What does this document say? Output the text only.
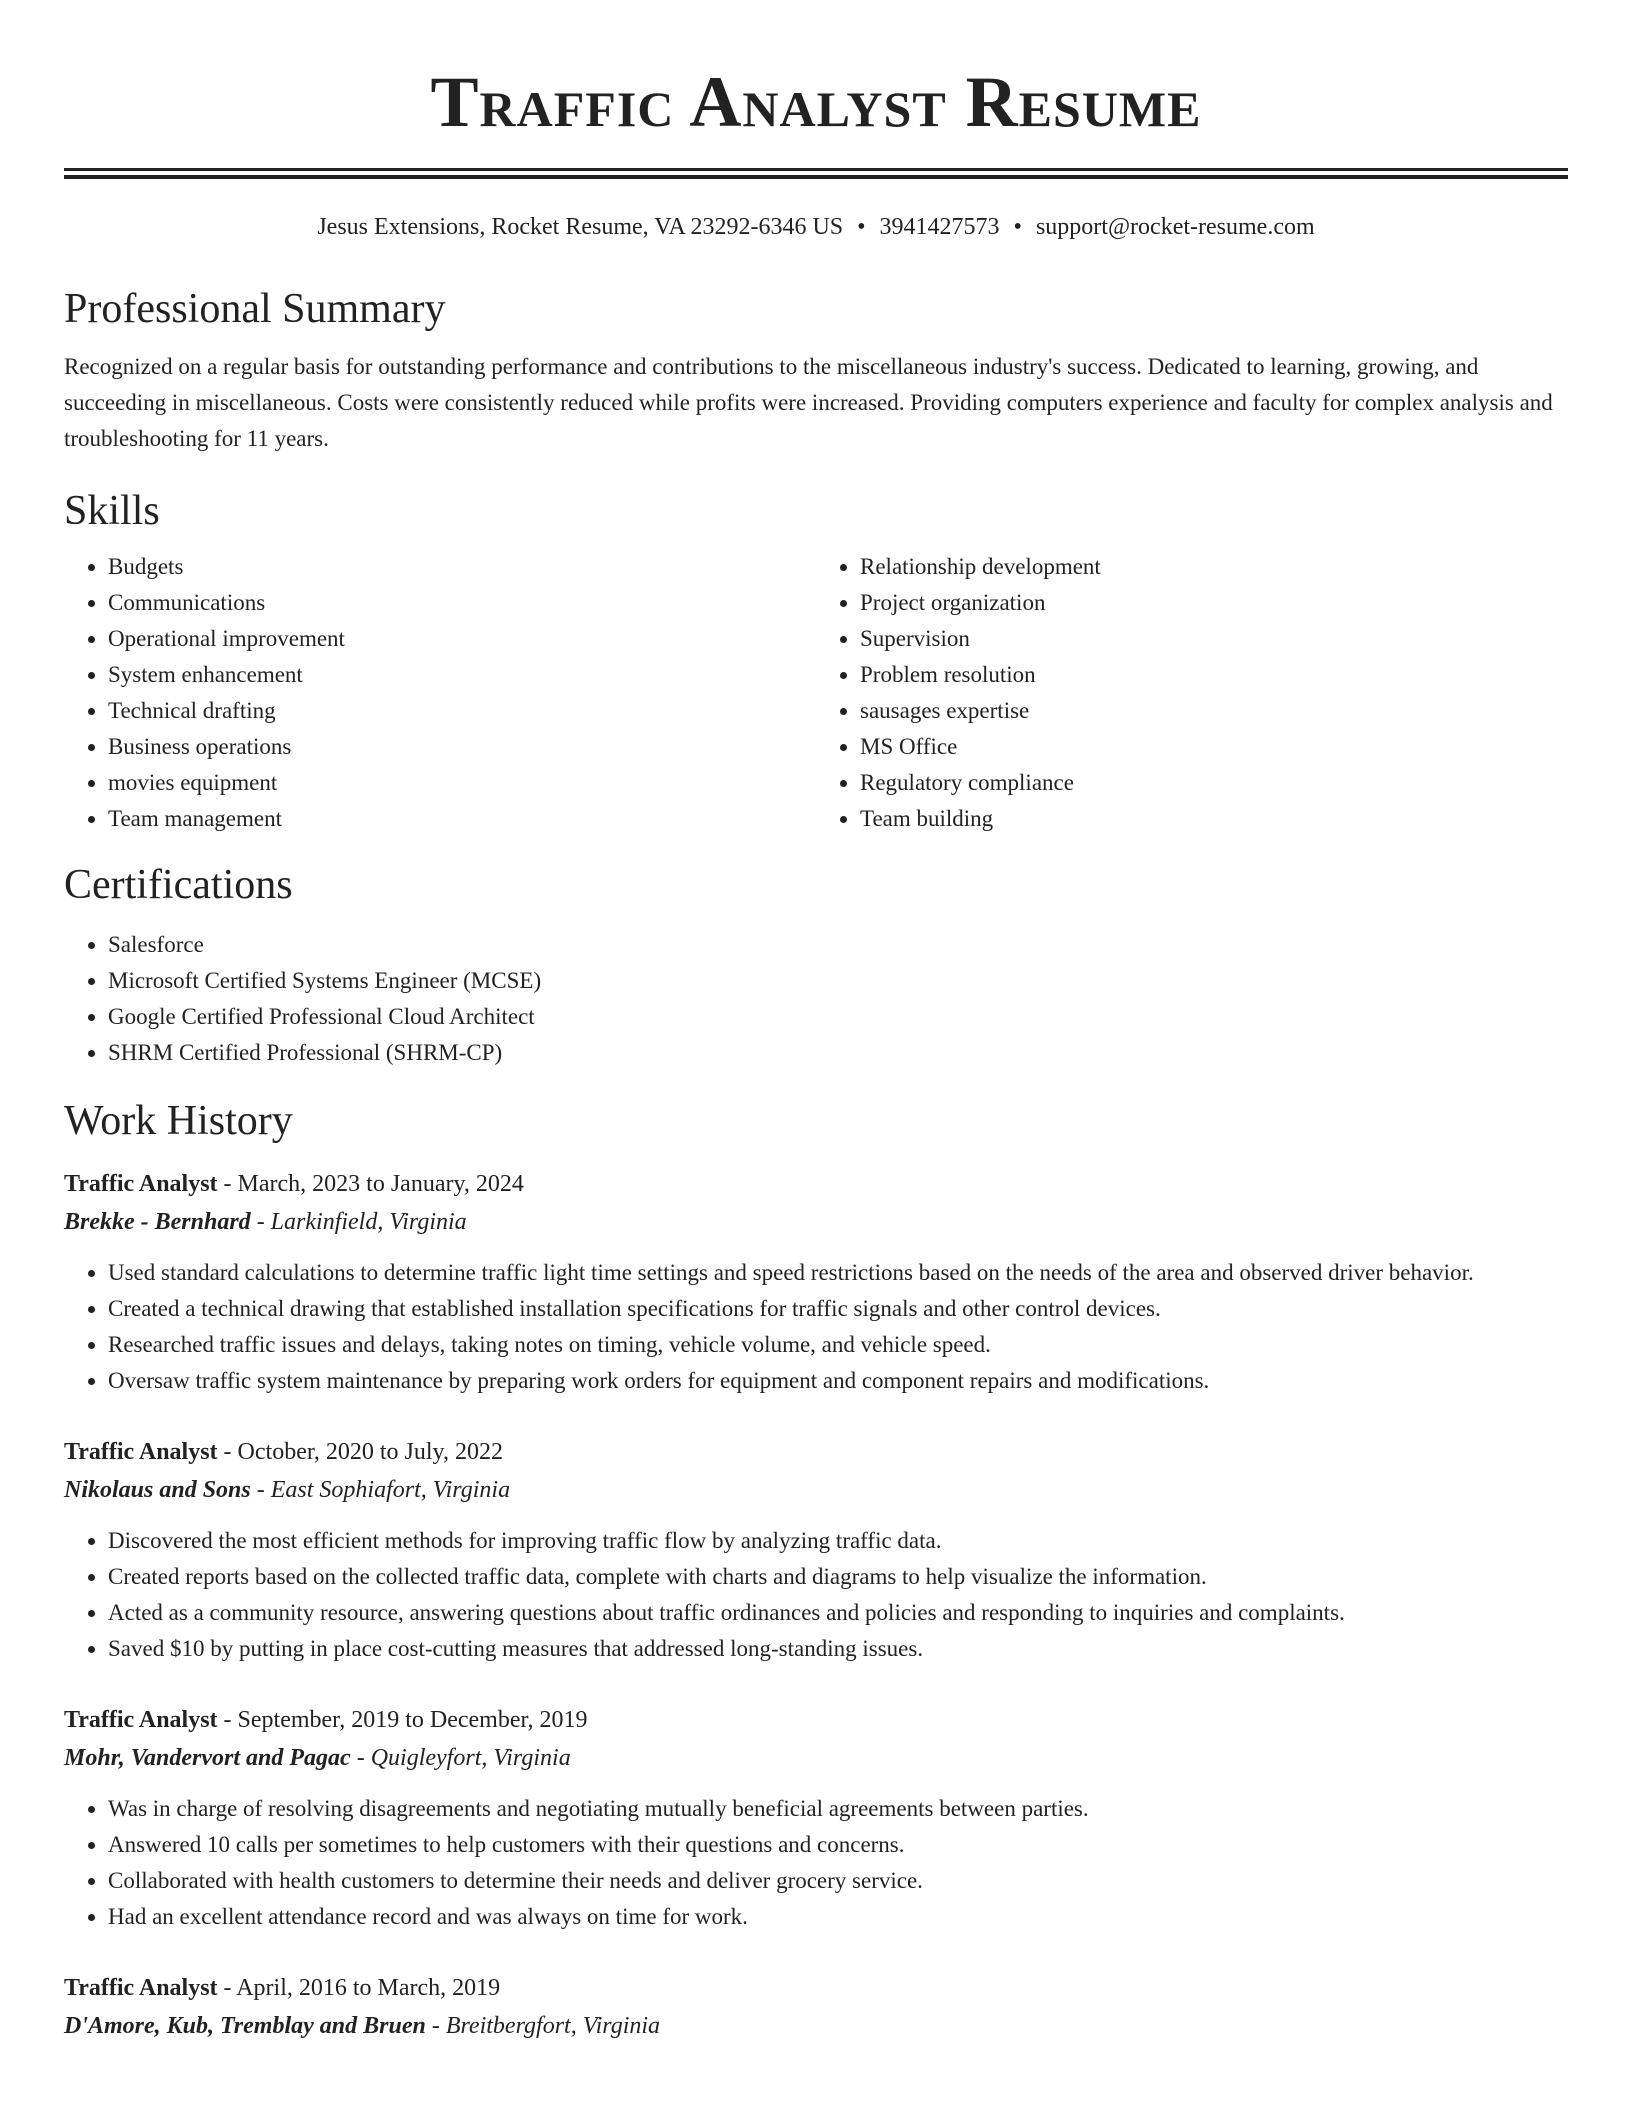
Traffic Analyst Resume
Jesus Extensions, Rocket Resume, VA 23292-6346 US • 3941427573 • support@rocket-resume.com
Professional Summary
Recognized on a regular basis for outstanding performance and contributions to the miscellaneous industry's success. Dedicated to learning, growing, and succeeding in miscellaneous. Costs were consistently reduced while profits were increased. Providing computers experience and faculty for complex analysis and troubleshooting for 11 years.
Skills
• Budgets
• Communications
• Operational improvement
• System enhancement
• Technical drafting
• Business operations
• movies equipment
• Team management
• Relationship development
• Project organization
• Supervision
• Problem resolution
• sausages expertise
• MS Office
• Regulatory compliance
• Team building
Certifications
• Salesforce
• Microsoft Certified Systems Engineer (MCSE)
• Google Certified Professional Cloud Architect
• SHRM Certified Professional (SHRM-CP)
Work History
Traffic Analyst - March, 2023 to January, 2024
Brekke - Bernhard - Larkinfield, Virginia
• Used standard calculations to determine traffic light time settings and speed restrictions based on the needs of the area and observed driver behavior.
• Created a technical drawing that established installation specifications for traffic signals and other control devices.
• Researched traffic issues and delays, taking notes on timing, vehicle volume, and vehicle speed.
• Oversaw traffic system maintenance by preparing work orders for equipment and component repairs and modifications.
Traffic Analyst - October, 2020 to July, 2022
Nikolaus and Sons - East Sophiafort, Virginia
• Discovered the most efficient methods for improving traffic flow by analyzing traffic data.
• Created reports based on the collected traffic data, complete with charts and diagrams to help visualize the information.
• Acted as a community resource, answering questions about traffic ordinances and policies and responding to inquiries and complaints.
• Saved $10 by putting in place cost-cutting measures that addressed long-standing issues.
Traffic Analyst - September, 2019 to December, 2019
Mohr, Vandervort and Pagac - Quigleyfort, Virginia
• Was in charge of resolving disagreements and negotiating mutually beneficial agreements between parties.
• Answered 10 calls per sometimes to help customers with their questions and concerns.
• Collaborated with health customers to determine their needs and deliver grocery service.
• Had an excellent attendance record and was always on time for work.
Traffic Analyst - April, 2016 to March, 2019
D'Amore, Kub, Tremblay and Bruen - Breitbergfort, Virginia
